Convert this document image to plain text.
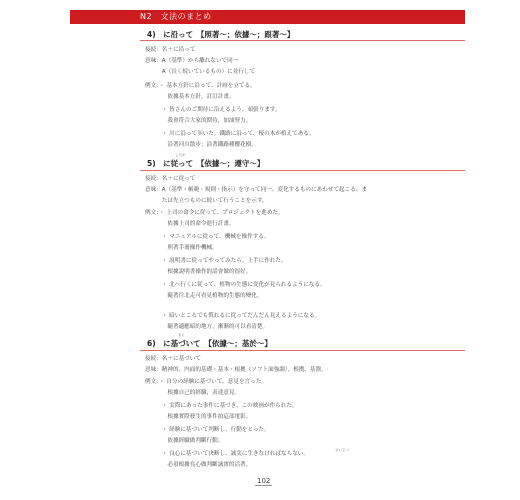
N2　文法のまとめ
4)　に沿って　【照著〜；依據〜；跟著〜】
接続：名＋に沿って
意味：A（基準）から離れないで同一
　　　A（長く続いているもの）に並行して
例文：・ 基本方針に沿って、計画を立てる。
　　　　依據基本方針，訂訂計畫。
　　　・ 皆さんのご期待に沿えるよう、頑張ります。
　　　　我會符合大家的期待，加油努力。
　　　・ 川に沿って歩いた。鐵路に沿って、桜の木が植えてある。
　　　　沿著河川散步；沿著鐵路種櫻花樹。
したが
5)　に従って　【依據〜；遵守〜】
接続：名＋に従って
意味：A（基準・帳範・規則・指示）を守って同一、変化するものにあわせて起こる、ま
　　　たは先立つものに続いて行うことを示す。
例文：・ 上司の命令に従って、プロジェクトを進めた。
　　　　依據上司的命令進行計畫。
　　　・ マニュアルに従って、機械を操作する。
　　　　照著手冊操作機械。
　　　・ 説明書に従ってやってみたら、上手に作れた。
　　　　根據說明書操作的話會做的很好。
　　　・ 北へ行くに従って、植物の生態に変化が見られるようになる。
　　　　隨著往北走可看見植物的生態的變化。
　　　・ 暗いところでも慣れるに従ってだんだん見えるようになる。
　　　　隨著適應暗的地方，漸漸的可以看清楚。
もと
6)　に基づいて　【依據〜；基於〜】
接続：名＋に基づいて
意味：精神的、内面的基礎・基本・根拠（ソフト面強調）、根拠、基盤。
例文：・ 自分の経験に基づいて、意見を言った。
　　　　根據自己的經驗，表達意見。
　　　・ 実際にあった事件に基づき、この映画が作られた。
　　　　根據實際發生的事件拍這部電影。
　　　・ 経験に基づいて判断し、行動をとった。
　　　　依據經驗做判斷行動。
せいじつ
　　　・ 良心に基づいて決断し、誠実に生きなければならない。
　　　　必須根據良心做判斷誠實的活著。
102
